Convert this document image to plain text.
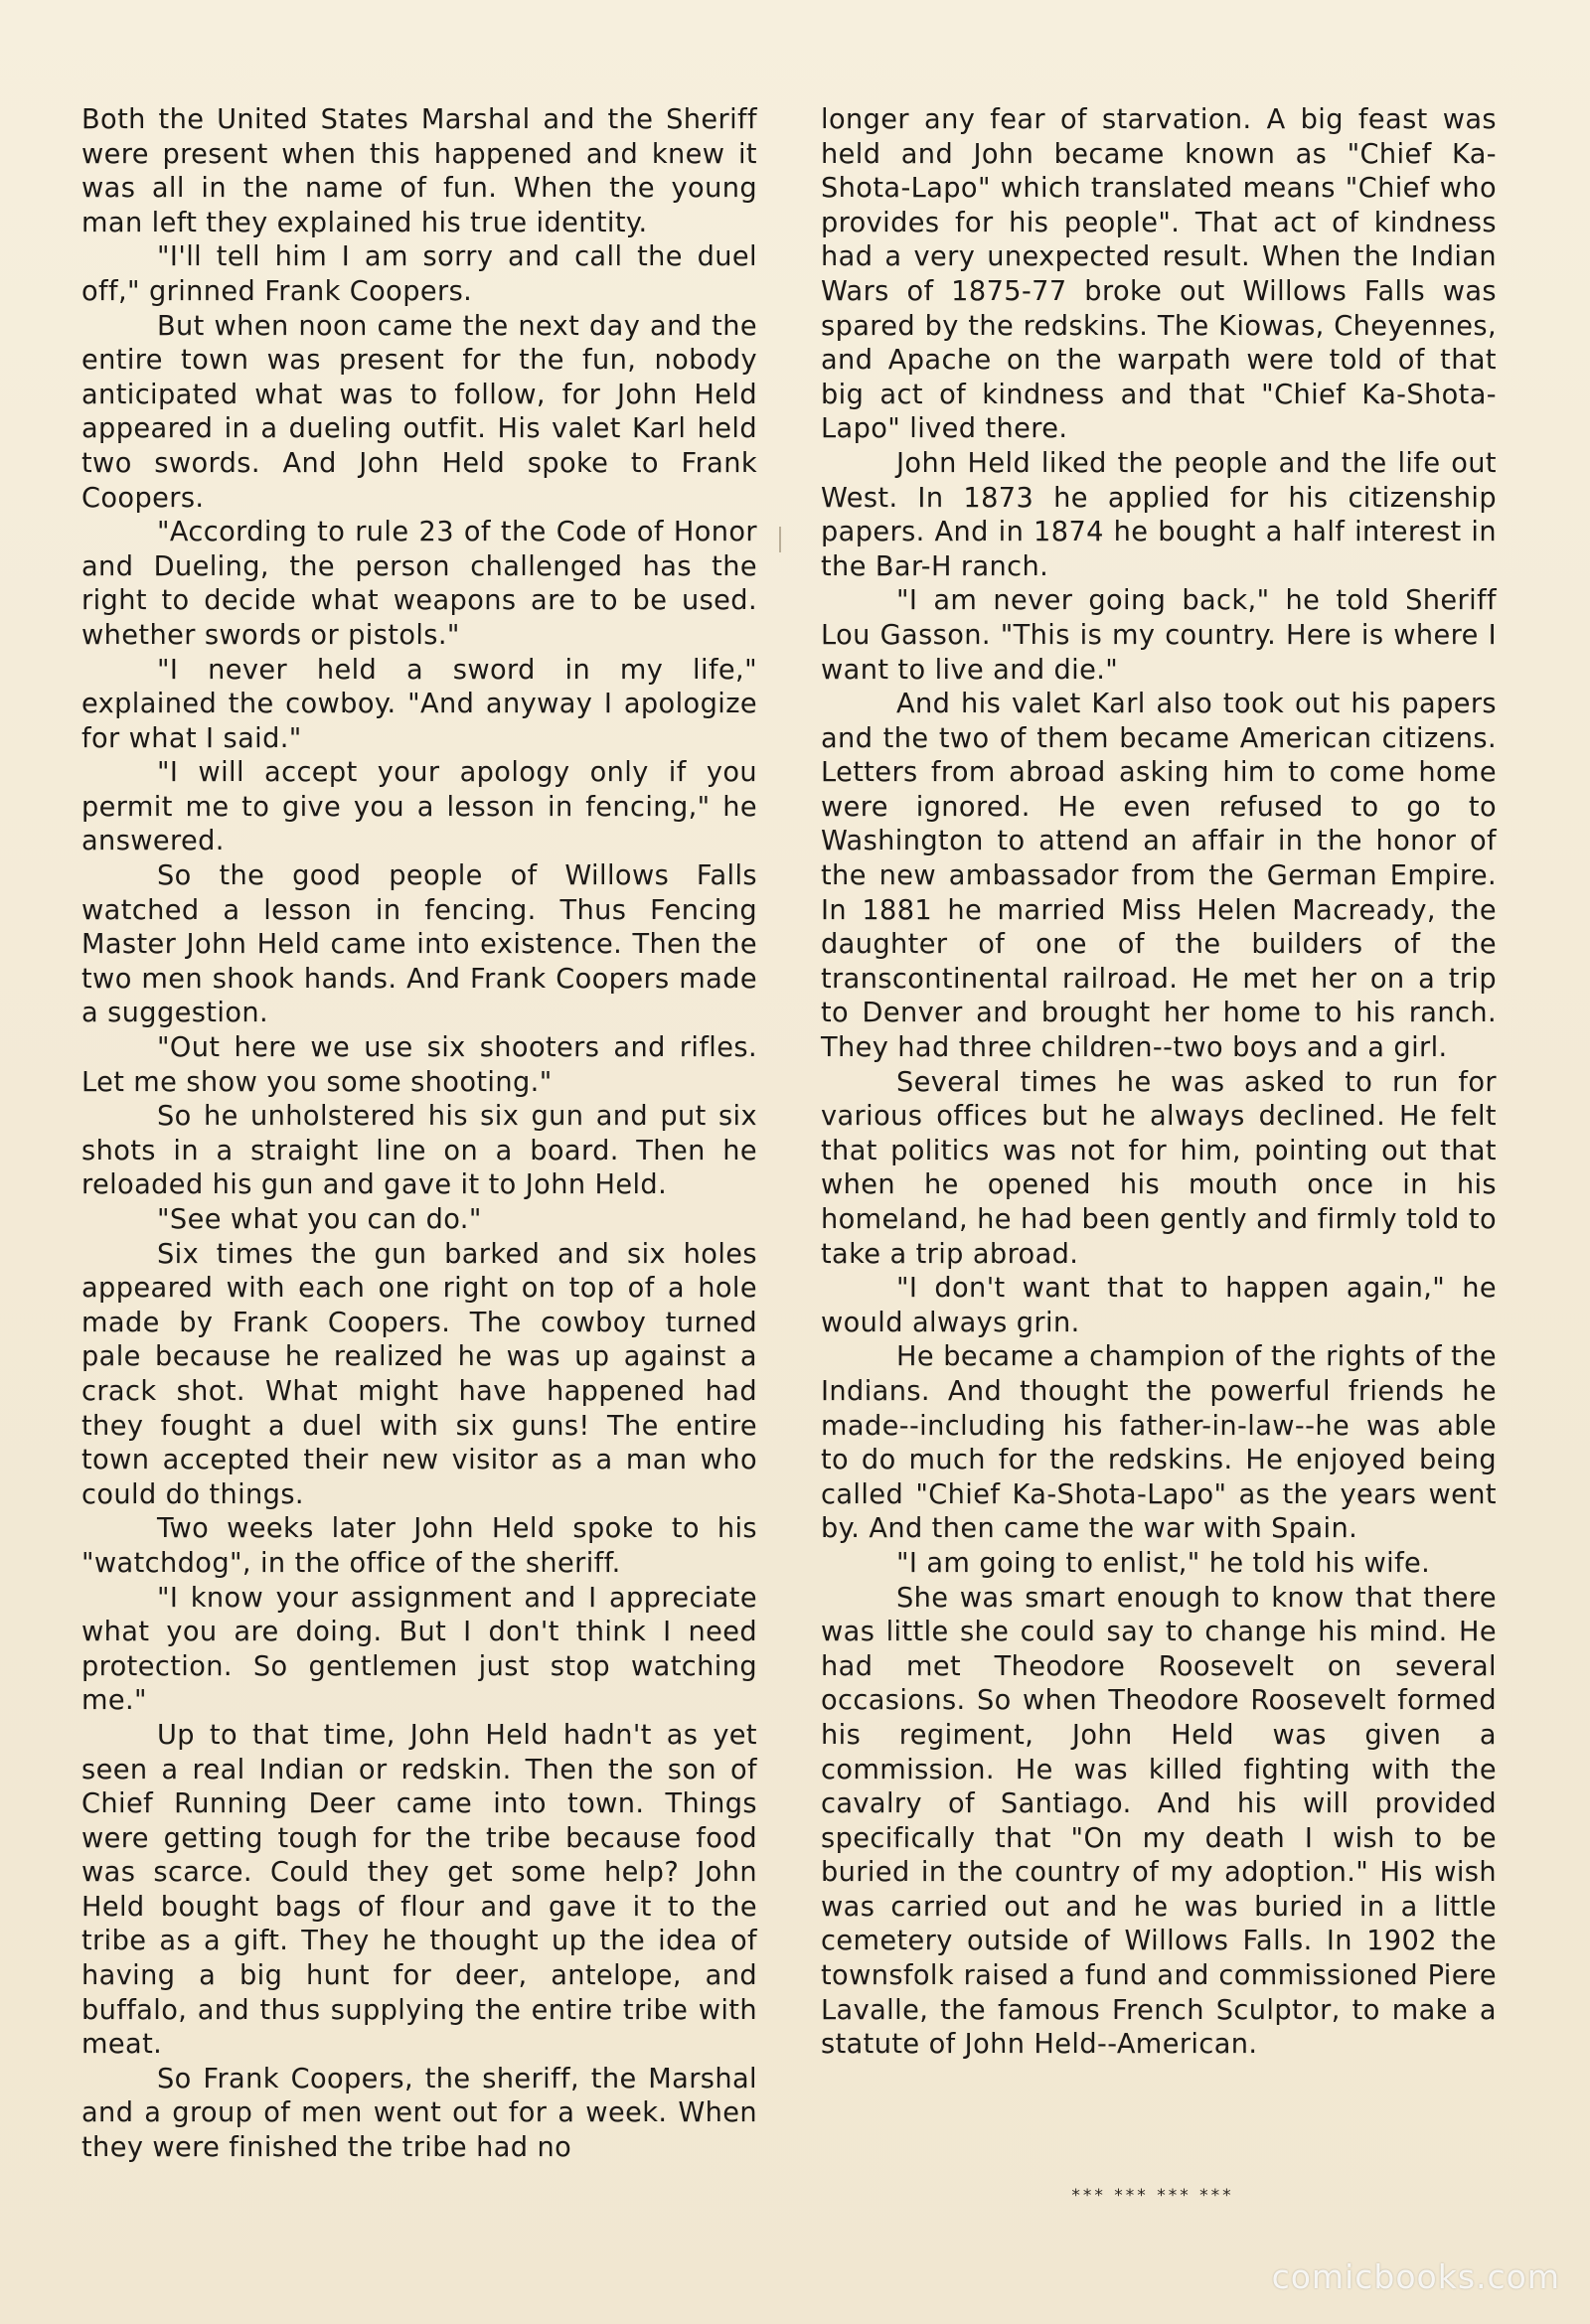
Both the United States Marshal and the Sheriff were present when this happened and knew it was all in the name of fun. When the young man left they explained his true identity.

"I'll tell him I am sorry and call the duel off," grinned Frank Coopers.

But when noon came the next day and the entire town was present for the fun, nobody anticipated what was to follow, for John Held appeared in a dueling outfit. His valet Karl held two swords. And John Held spoke to Frank Coopers.

"According to rule 23 of the Code of Honor and Dueling, the person challenged has the right to decide what weapons are to be used. whether swords or pistols."

"I never held a sword in my life," explained the cowboy. "And anyway I apologize for what I said."

"I will accept your apology only if you permit me to give you a lesson in fencing," he answered.

So the good people of Willows Falls watched a lesson in fencing. Thus Fencing Master John Held came into existence. Then the two men shook hands. And Frank Coopers made a suggestion.

"Out here we use six shooters and rifles. Let me show you some shooting."

So he unholstered his six gun and put six shots in a straight line on a board. Then he reloaded his gun and gave it to John Held.

"See what you can do."

Six times the gun barked and six holes appeared with each one right on top of a hole made by Frank Coopers. The cowboy turned pale because he realized he was up against a crack shot. What might have happened had they fought a duel with six guns! The entire town accepted their new visitor as a man who could do things.

Two weeks later John Held spoke to his "watchdog", in the office of the sheriff.

"I know your assignment and I appreciate what you are doing. But I don't think I need protection. So gentlemen just stop watching me."

Up to that time, John Held hadn't as yet seen a real Indian or redskin. Then the son of Chief Running Deer came into town. Things were getting tough for the tribe because food was scarce. Could they get some help? John Held bought bags of flour and gave it to the tribe as a gift. They he thought up the idea of having a big hunt for deer, antelope, and buffalo, and thus supplying the entire tribe with meat.

So Frank Coopers, the sheriff, the Marshal and a group of men went out for a week. When they were finished the tribe had no

longer any fear of starvation. A big feast was held and John became known as "Chief Ka-Shota-Lapo" which translated means "Chief who provides for his people". That act of kindness had a very unexpected result. When the Indian Wars of 1875-77 broke out Willows Falls was spared by the redskins. The Kiowas, Cheyennes, and Apache on the warpath were told of that big act of kindness and that "Chief Ka-Shota-Lapo" lived there.

John Held liked the people and the life out West. In 1873 he applied for his citizenship papers. And in 1874 he bought a half interest in the Bar-H ranch.

"I am never going back," he told Sheriff Lou Gasson. "This is my country. Here is where I want to live and die."

And his valet Karl also took out his papers and the two of them became American citizens. Letters from abroad asking him to come home were ignored. He even refused to go to Washington to attend an affair in the honor of the new ambassador from the German Empire. In 1881 he married Miss Helen Macready, the daughter of one of the builders of the transcontinental railroad. He met her on a trip to Denver and brought her home to his ranch. They had three children--two boys and a girl.

Several times he was asked to run for various offices but he always declined. He felt that politics was not for him, pointing out that when he opened his mouth once in his homeland, he had been gently and firmly told to take a trip abroad.

"I don't want that to happen again," he would always grin.

He became a champion of the rights of the Indians. And thought the powerful friends he made--including his father-in-law--he was able to do much for the redskins. He enjoyed being called "Chief Ka-Shota-Lapo" as the years went by. And then came the war with Spain.

"I am going to enlist," he told his wife.

She was smart enough to know that there was little she could say to change his mind. He had met Theodore Roosevelt on several occasions. So when Theodore Roosevelt formed his regiment, John Held was given a commission. He was killed fighting with the cavalry of Santiago. And his will provided specifically that "On my death I wish to be buried in the country of my adoption." His wish was carried out and he was buried in a little cemetery outside of Willows Falls. In 1902 the townsfolk raised a fund and commissioned Piere Lavalle, the famous French Sculptor, to make a statute of John Held--American.

*** *** *** ***
comicbooks.com
